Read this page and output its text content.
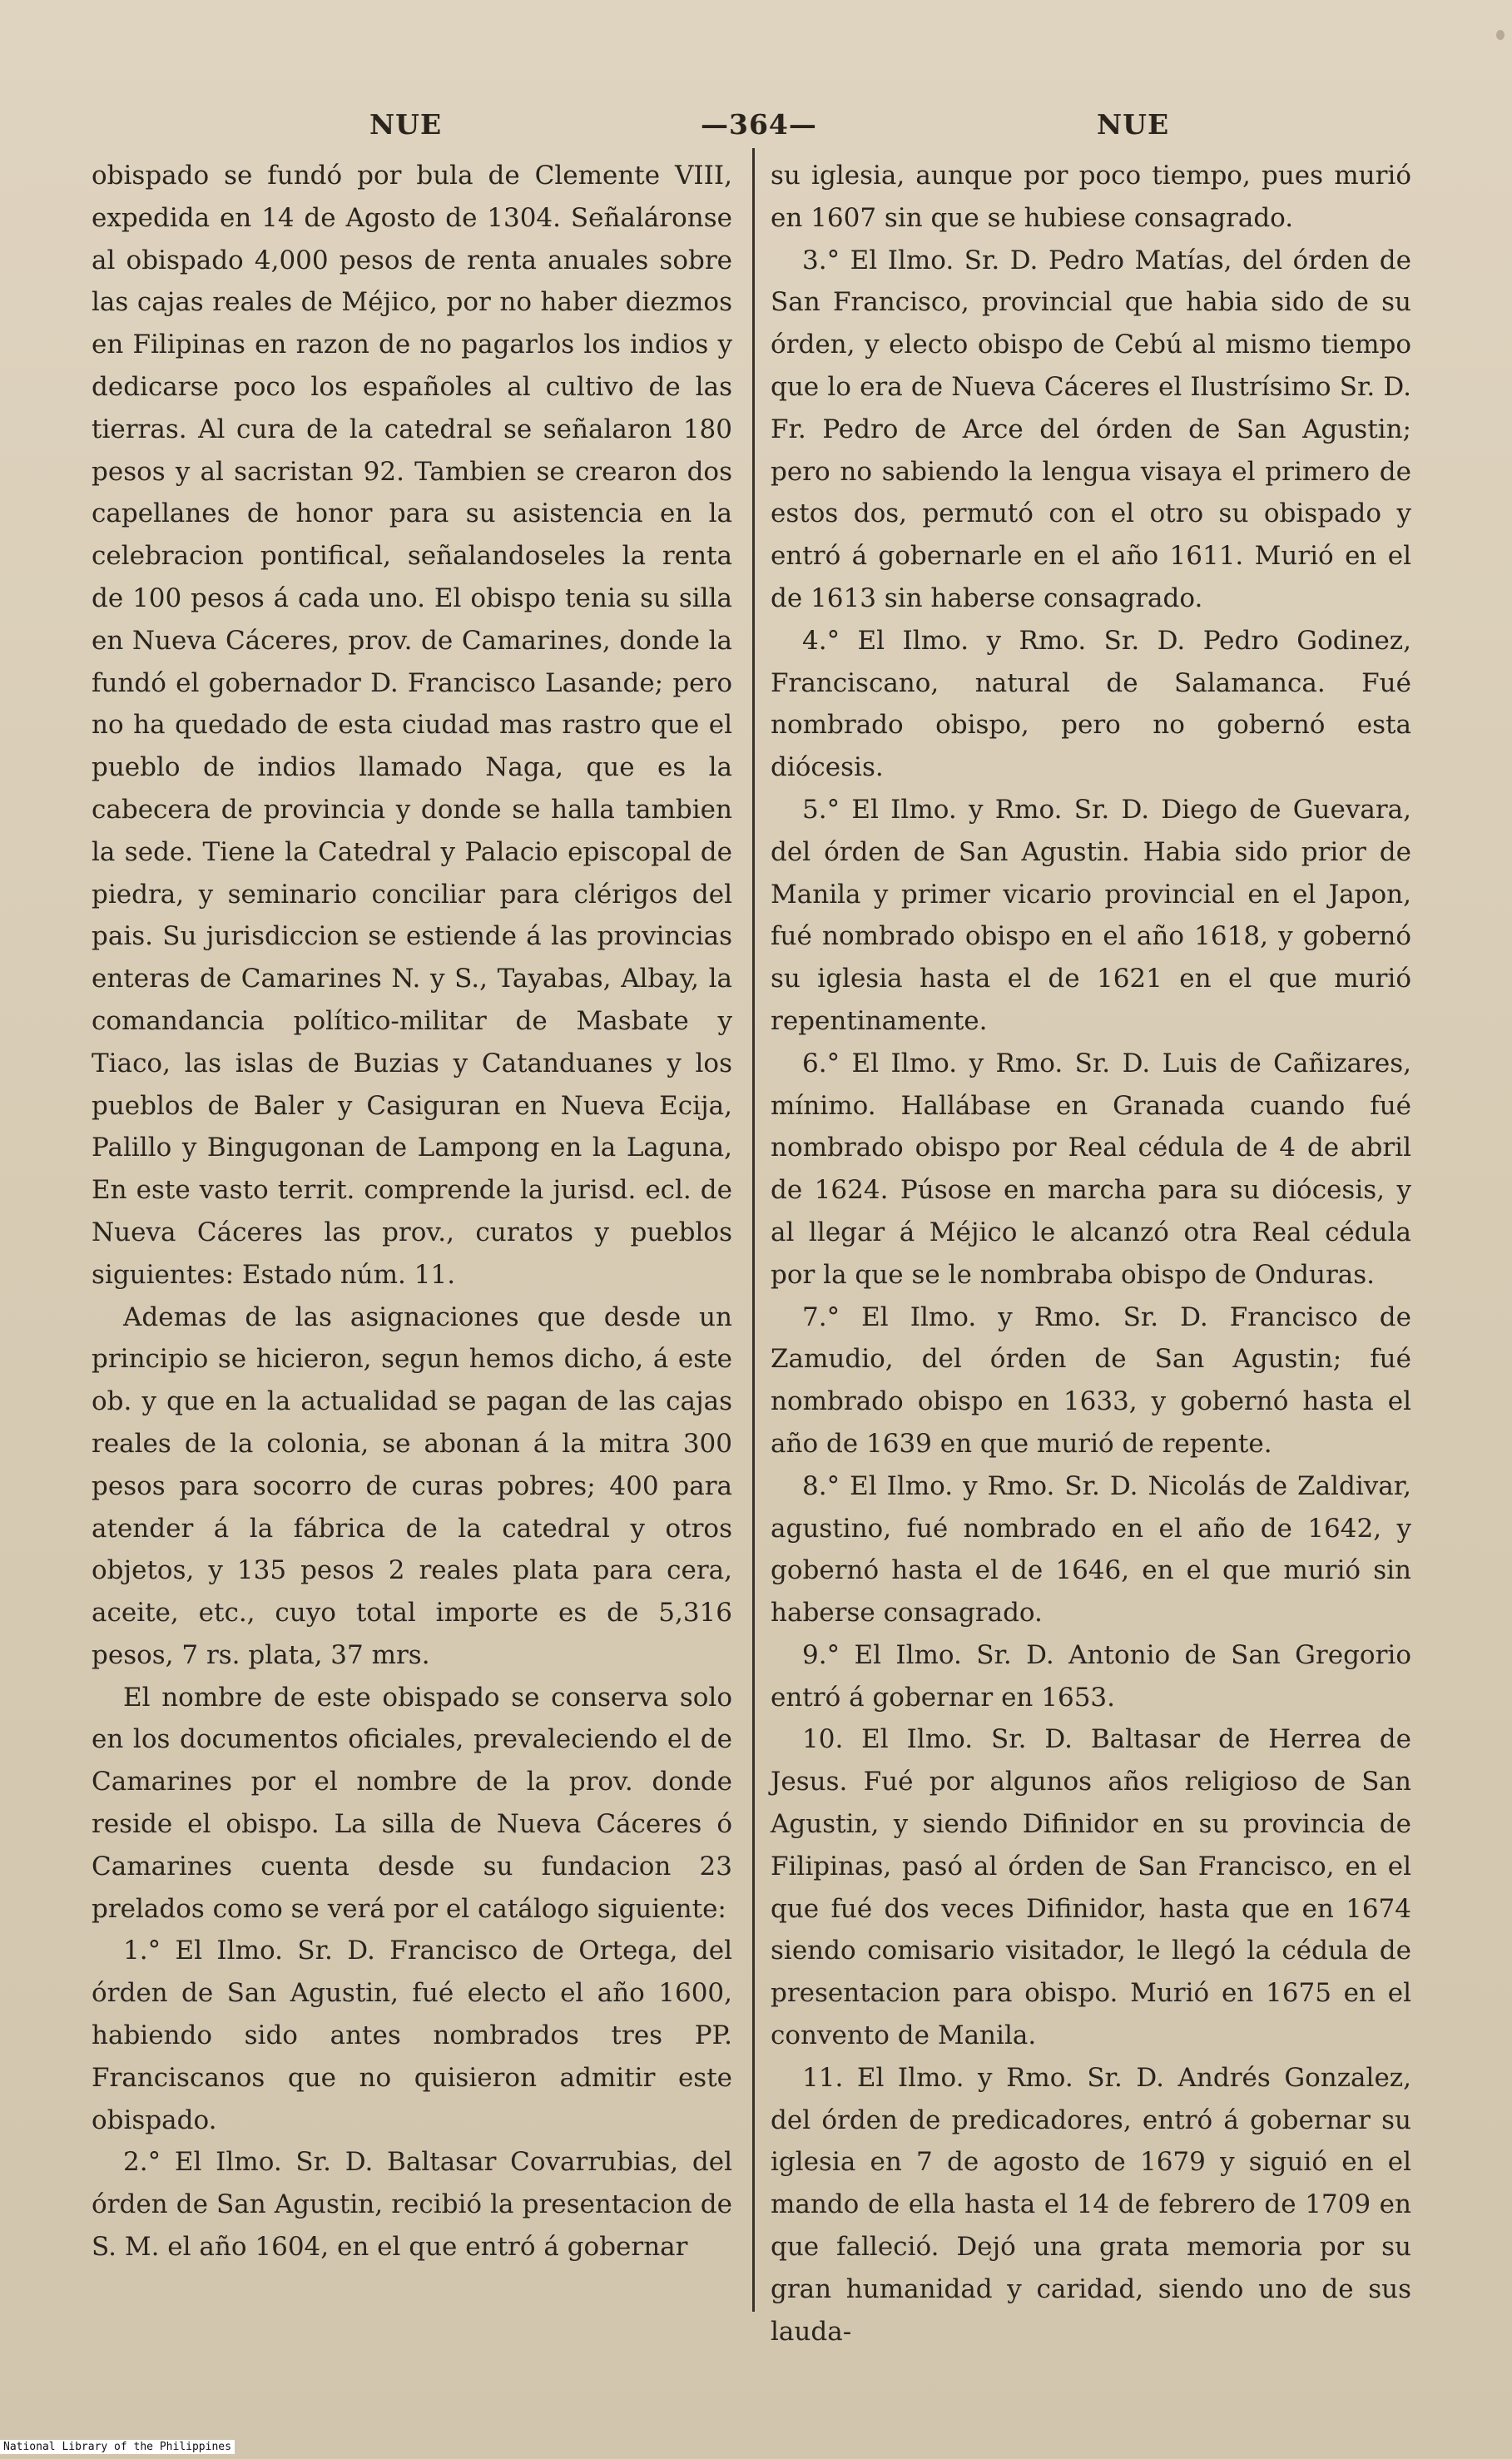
NUE	—364—	NUE

obispado se fundó por bula de Clemente VIII, expedida en 14 de Agosto de 1304. Señaláronse al obispado 4,000 pesos de renta anuales sobre las cajas reales de Méjico, por no haber diezmos en Filipinas en razon de no pagarlos los indios y dedicarse poco los españoles al cultivo de las tierras. Al cura de la catedral se señalaron 180 pesos y al sacristan 92. Tambien se crearon dos capellanes de honor para su asistencia en la celebracion pontifical, señalandoseles la renta de 100 pesos á cada uno. El obispo tenia su silla en Nueva Cáceres, prov. de Camarines, donde la fundó el gobernador D. Francisco Lasande; pero no ha quedado de esta ciudad mas rastro que el pueblo de indios llamado Naga, que es la cabecera de provincia y donde se halla tambien la sede. Tiene la Catedral y Palacio episcopal de piedra, y seminario conciliar para clérigos del pais. Su jurisdiccion se estiende á las provincias enteras de Camarines N. y S., Tayabas, Albay, la comandancia político-militar de Masbate y Tiaco, las islas de Buzias y Catanduanes y los pueblos de Baler y Casiguran en Nueva Ecija, Palillo y Bingugonan de Lampong en la Laguna, En este vasto territ. comprende la jurisd. ecl. de Nueva Cáceres las prov., curatos y pueblos siguientes: Estado núm. 11.

Ademas de las asignaciones que desde un principio se hicieron, segun hemos dicho, á este ob. y que en la actualidad se pagan de las cajas reales de la colonia, se abonan á la mitra 300 pesos para socorro de curas pobres; 400 para atender á la fábrica de la catedral y otros objetos, y 135 pesos 2 reales plata para cera, aceite, etc., cuyo total importe es de 5,316 pesos, 7 rs. plata, 37 mrs.

El nombre de este obispado se conserva solo en los documentos oficiales, prevaleciendo el de Camarines por el nombre de la prov. donde reside el obispo. La silla de Nueva Cáceres ó Camarines cuenta desde su fundacion 23 prelados como se verá por el catálogo siguiente:

1.° El Ilmo. Sr. D. Francisco de Ortega, del órden de San Agustin, fué electo el año 1600, habiendo sido antes nombrados tres PP. Franciscanos que no quisieron admitir este obispado.

2.° El Ilmo. Sr. D. Baltasar Covarrubias, del órden de San Agustin, recibió la presentacion de S. M. el año 1604, en el que entró á gobernar

su iglesia, aunque por poco tiempo, pues murió en 1607 sin que se hubiese consagrado.

3.° El Ilmo. Sr. D. Pedro Matías, del órden de San Francisco, provincial que habia sido de su órden, y electo obispo de Cebú al mismo tiempo que lo era de Nueva Cáceres el Ilustrísimo Sr. D. Fr. Pedro de Arce del órden de San Agustin; pero no sabiendo la lengua visaya el primero de estos dos, permutó con el otro su obispado y entró á gobernarle en el año 1611. Murió en el de 1613 sin haberse consagrado.

4.° El Ilmo. y Rmo. Sr. D. Pedro Godinez, Franciscano, natural de Salamanca. Fué nombrado obispo, pero no gobernó esta diócesis.

5.° El Ilmo. y Rmo. Sr. D. Diego de Guevara, del órden de San Agustin. Habia sido prior de Manila y primer vicario provincial en el Japon, fué nombrado obispo en el año 1618, y gobernó su iglesia hasta el de 1621 en el que murió repentinamente.

6.° El Ilmo. y Rmo. Sr. D. Luis de Cañizares, mínimo. Hallábase en Granada cuando fué nombrado obispo por Real cédula de 4 de abril de 1624. Púsose en marcha para su diócesis, y al llegar á Méjico le alcanzó otra Real cédula por la que se le nombraba obispo de Onduras.

7.° El Ilmo. y Rmo. Sr. D. Francisco de Zamudio, del órden de San Agustin; fué nombrado obispo en 1633, y gobernó hasta el año de 1639 en que murió de repente.

8.° El Ilmo. y Rmo. Sr. D. Nicolás de Zaldivar, agustino, fué nombrado en el año de 1642, y gobernó hasta el de 1646, en el que murió sin haberse consagrado.

9.° El Ilmo. Sr. D. Antonio de San Gregorio entró á gobernar en 1653.

10. El Ilmo. Sr. D. Baltasar de Herrea de Jesus. Fué por algunos años religioso de San Agustin, y siendo Difinidor en su provincia de Filipinas, pasó al órden de San Francisco, en el que fué dos veces Difinidor, hasta que en 1674 siendo comisario visitador, le llegó la cédula de presentacion para obispo. Murió en 1675 en el convento de Manila.

11. El Ilmo. y Rmo. Sr. D. Andrés Gonzalez, del órden de predicadores, entró á gobernar su iglesia en 7 de agosto de 1679 y siguió en el mando de ella hasta el 14 de febrero de 1709 en que falleció. Dejó una grata memoria por su gran humanidad y caridad, siendo uno de sus lauda-

National Library of the Philippines
